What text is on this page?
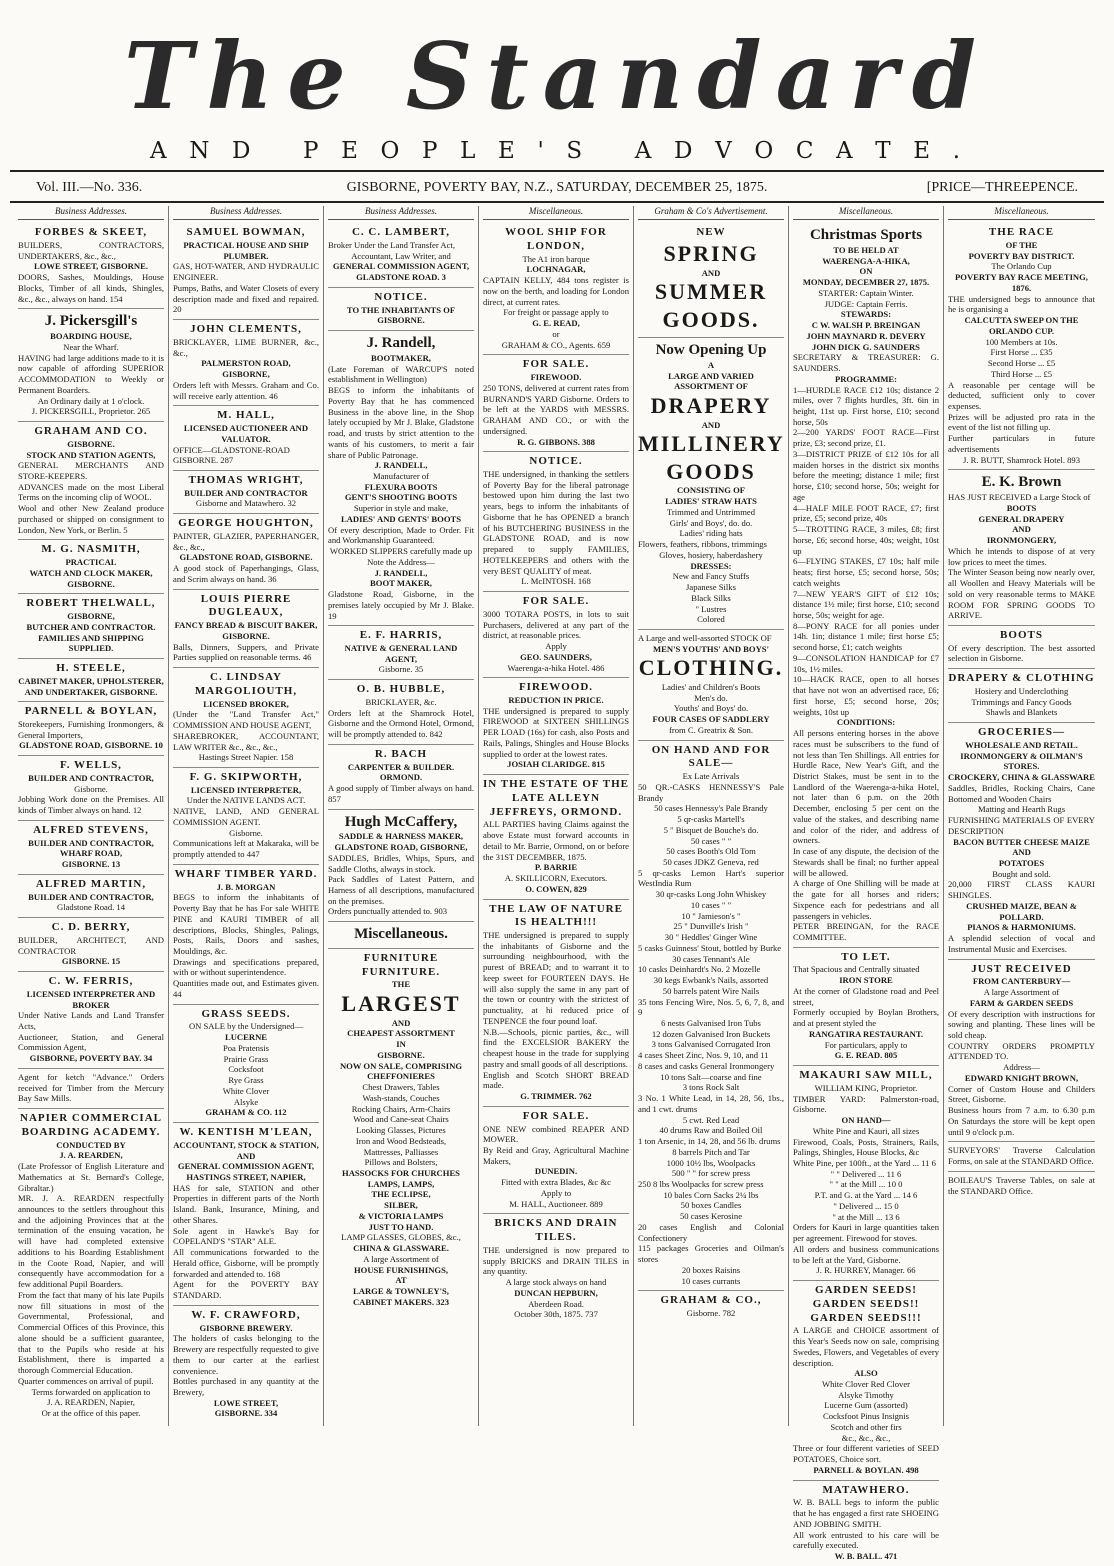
The Standard
A N D
P E O P L E ' S
A D V O C A T E .
Vol. III.—No. 336.	GISBORNE, POVERTY BAY, N.Z., SATURDAY, DECEMBER 25, 1875.	[PRICE—THREEPENCE.
Business Addresses.
FORBES & SKEET,
BUILDERS, CONTRACTORS, UNDERTAKERS, &c., &c.,
LOWE STREET, GISBORNE.
DOORS, Sashes, Mouldings, House Blocks, Timber of all kinds, Shingles, &c., &c., always on hand. 154
J. Pickersgill's
BOARDING HOUSE,
Near the Wharf.
HAVING had large additions made to it is now capable of affording SUPERIOR ACCOMMODATION to Weekly or Permanent Boarders.
An Ordinary daily at 1 o'clock.
J. PICKERSGILL, Proprietor. 265
GRAHAM AND CO.
GISBORNE.
STOCK AND STATION AGENTS,
GENERAL MERCHANTS AND STORE-KEEPERS.
ADVANCES made on the most Liberal Terms on the incoming clip of WOOL.
Wool and other New Zealand produce purchased or shipped on consignment to London, New York, or Berlin. 5
M. G. NASMITH,
PRACTICAL
WATCH AND CLOCK MAKER,
GISBORNE.
ROBERT THELWALL,
GISBORNE,
BUTCHER AND CONTRACTOR.
FAMILIES AND SHIPPING SUPPLIED.
H. STEELE,
CABINET MAKER, UPHOLSTERER,
AND UNDERTAKER, GISBORNE.
PARNELL & BOYLAN,
Storekeepers, Furnishing Ironmongers, & General Importers,
GLADSTONE ROAD, GISBORNE. 10
F. WELLS,
BUILDER AND CONTRACTOR,
Gisborne.
Jobbing Work done on the Premises. All kinds of Timber always on hand. 12
ALFRED STEVENS,
BUILDER AND CONTRACTOR,
WHARF ROAD,
GISBORNE. 13
ALFRED MARTIN,
BUILDER AND CONTRACTOR,
Gladstone Road. 14
C. D. BERRY,
BUILDER, ARCHITECT, AND CONTRACTOR
GISBORNE. 15
C. W. FERRIS,
LICENSED INTERPRETER AND BROKER
Under Native Lands and Land Transfer Acts,
Auctioneer, Station, and General Commission Agent,
GISBORNE, POVERTY BAY. 34
Agent for ketch "Advance." Orders received for Timber from the Mercury Bay Saw Mills.
NAPIER COMMERCIAL BOARDING ACADEMY.
CONDUCTED BY
J. A. REARDEN,
(Late Professor of English Literature and Mathematics at St. Bernard's College, Gibraltar.)
MR. J. A. REARDEN respectfully announces to the settlers throughout this and the adjoining Provinces that at the termination of the ensuing vacation, he will have had completed extensive additions to his Boarding Establishment in the Coote Road, Napier, and will consequently have accommodation for a few additional Pupil Boarders.
From the fact that many of his late Pupils now fill situations in most of the Governmental, Professional, and Commercial Offices of this Province, this alone should be a sufficient guarantee, that to the Pupils who reside at his Establishment, there is imparted a thorough Commercial Education.
Quarter commences on arrival of pupil.
Terms forwarded on application to
J. A. REARDEN, Napier,
Or at the office of this paper.
Business Addresses.
SAMUEL BOWMAN,
PRACTICAL HOUSE AND SHIP PLUMBER.
GAS, HOT-WATER, AND HYDRAULIC ENGINEER.
Pumps, Baths, and Water Closets of every description made and fixed and repaired. 20
JOHN CLEMENTS,
BRICKLAYER, LIME BURNER, &c., &c.,
PALMERSTON ROAD,
GISBORNE,
Orders left with Messrs. Graham and Co. will receive early attention. 46
M. HALL,
LICENSED AUCTIONEER AND VALUATOR.
OFFICE—GLADSTONE-ROAD GISBORNE. 287
THOMAS WRIGHT,
BUILDER AND CONTRACTOR
Gisborne and Matawhero. 32
GEORGE HOUGHTON,
PAINTER, GLAZIER, PAPERHANGER, &c., &c.,
GLADSTONE ROAD, GISBORNE.
A good stock of Paperhangings, Glass, and Scrim always on hand. 36
LOUIS PIERRE DUGLEAUX,
FANCY BREAD & BISCUIT BAKER,
GISBORNE.
Balls, Dinners, Suppers, and Private Parties supplied on reasonable terms. 46
C. LINDSAY MARGOLIOUTH,
LICENSED BROKER,
(Under the "Land Transfer Act," COMMISSION AND HOUSE AGENT,
SHAREBROKER, ACCOUNTANT, LAW WRITER &c., &c., &c.,
Hastings Street Napier. 158
F. G. SKIPWORTH,
LICENSED INTERPRETER,
Under the NATIVE LANDS ACT.
NATIVE, LAND, AND GENERAL COMMISSION AGENT.
Gisborne.
Communications left at Makaraka, will be promptly attended to 447
WHARF TIMBER YARD.
J. B. MORGAN
BEGS to inform the inhabitants of Poverty Bay that he has For sale WHITE PINE and KAURI TIMBER of all descriptions, Blocks, Shingles, Palings, Posts, Rails, Doors and sashes, Mouldings, &c.
Drawings and specifications prepared, with or without superintendence.
Quantities made out, and Estimates given. 44
GRASS SEEDS.
ON SALE by the Undersigned—
LUCERNE
Poa Pratensis
Prairie Grass
Cocksfoot
Rye Grass
White Clover
Alsyke
GRAHAM & CO. 112
W. KENTISH M'LEAN,
ACCOUNTANT, STOCK & STATION,
AND
GENERAL COMMISSION AGENT,
HASTINGS STREET, NAPIER,
HAS for sale, STATION and other Properties in different parts of the North Island. Bank, Insurance, Mining, and other Shares.
Sole agent in Hawke's Bay for COPELAND'S "STAR" ALE.
All communications forwarded to the Herald office, Gisborne, will be promptly forwarded and attended to. 168
Agent for the POVERTY BAY STANDARD.
W. F. CRAWFORD,
GISBORNE BREWERY.
The holders of casks belonging to the Brewery are respectfully requested to give them to our carter at the earliest convenience.
Bottles purchased in any quantity at the Brewery,
LOWE STREET,
GISBORNE. 334
Business Addresses.
C. C. LAMBERT,
Broker Under the Land Transfer Act,
Accountant, Law Writer, and
GENERAL COMMISSION AGENT,
GLADSTONE ROAD. 3
NOTICE.
TO THE INHABITANTS OF GISBORNE.
J. Randell,
BOOTMAKER,
(Late Foreman of WARCUP'S noted establishment in Wellington)
BEGS to inform the inhabitants of Poverty Bay that he has commenced Business in the above line, in the Shop lately occupied by Mr J. Blake, Gladstone road, and trusts by strict attention to the wants of his customers, to merit a fair share of Public Patronage.
J. RANDELL,
Manufacturer of
FLEXURA BOOTS
GENT'S SHOOTING BOOTS
Superior in style and make,
LADIES' AND GENTS' BOOTS
Of every description, Made to Order. Fit and Workmanship Guaranteed.
WORKED SLIPPERS carefully made up
Note the Address—
J. RANDELL,
BOOT MAKER,
Gladstone Road, Gisborne, in the premises lately occupied by Mr J. Blake. 19
E. F. HARRIS,
NATIVE & GENERAL LAND AGENT,
Gisborne. 35
O. B. HUBBLE,
BRICKLAYER, &c.
Orders left at the Shamrock Hotel, Gisborne and the Ormond Hotel, Ormond, will be promptly attended to. 842
R. BACH
CARPENTER & BUILDER.
ORMOND.
A good supply of Timber always on hand. 857
Hugh McCaffery,
SADDLE & HARNESS MAKER,
GLADSTONE ROAD, GISBORNE,
SADDLES, Bridles, Whips, Spurs, and Saddle Cloths, always in stock.
Pack Saddles of Latest Pattern, and Harness of all descriptions, manufactured on the premises.
Orders punctually attended to. 903
Miscellaneous.
FURNITURE FURNITURE.
THE
LARGEST
AND
CHEAPEST ASSORTMENT
IN
GISBORNE.
NOW ON SALE, COMPRISING
CHEFFONIERES
Chest Drawers, Tables
Wash-stands, Couches
Rocking Chairs, Arm-Chairs
Wood and Cane-seat Chairs
Looking Glasses, Pictures
Iron and Wood Bedsteads,
Mattresses, Palliasses
Pillows and Bolsters,
HASSOCKS FOR CHURCHES
LAMPS, LAMPS,
THE ECLIPSE,
SILBER,
& VICTORIA LAMPS
JUST TO HAND.
LAMP GLASSES, GLOBES, &c.,
CHINA & GLASSWARE.
A large Assortment of
HOUSE FURNISHINGS,
AT
LARGE & TOWNLEY'S,
CABINET MAKERS. 323
Miscellaneous.
WOOL SHIP FOR LONDON,
The A1 iron barque
LOCHNAGAR,
CAPTAIN KELLY, 484 tons register is now on the berth, and loading for London direct, at current rates.
For freight or passage apply to
G. E. READ,
or
GRAHAM & CO., Agents. 659
FOR SALE.
FIREWOOD.
250 TONS, delivered at current rates from BURNAND'S YARD Gisborne. Orders to be left at the YARDS with MESSRS. GRAHAM AND CO., or with the undersigned.
R. G. GIBBONS. 388
NOTICE.
THE undersigned, in thanking the settlers of Poverty Bay for the liberal patronage bestowed upon him during the last two years, begs to inform the inhabitants of Gisborne that he has OPENED a branch of his BUTCHERING BUSINESS in the GLADSTONE ROAD, and is now prepared to supply FAMILIES, HOTELKEEPERS and others with the very BEST QUALITY of meat.
L. McINTOSH. 168
FOR SALE.
3000 TOTARA POSTS, in lots to suit Purchasers, delivered at any part of the district, at reasonable prices.
Apply
GEO. SAUNDERS,
Waerenga-a-hika Hotel. 486
FIREWOOD.
REDUCTION IN PRICE.
THE undersigned is prepared to supply FIREWOOD at SIXTEEN SHILLINGS PER LOAD (16s) for cash, also Posts and Rails, Palings, Shingles and House Blocks supplied to order at the lowest rates.
JOSIAH CLARIDGE. 815
IN THE ESTATE OF THE LATE ALLEYN JEFFREYS, ORMOND.
ALL PARTIES having Claims against the above Estate must forward accounts in detail to Mr. Barrie, Ormond, on or before the 31ST DECEMBER, 1875.
P. BARRIE
A. SKILLICORN, Executors.
O. COWEN, 829
THE LAW OF NATURE IS HEALTH!!!
THE undersigned is prepared to supply the inhabitants of Gisborne and the surrounding neighbourhood, with the purest of BREAD; and to warrant it to keep sweet for FOURTEEN DAYS. He will also supply the same in any part of the town or country with the strictest of punctuality, at hi reduced price of TENPENCE the four pound loaf.
N.B.—Schools, picnic parties, &c., will find the EXCELSIOR BAKERY the cheapest house in the trade for supplying pastry and small goods of all descriptions.
English and Scotch SHORT BREAD made.
G. TRIMMER. 762
FOR SALE.
ONE NEW combined REAPER AND MOWER.
By Reid and Gray, Agricultural Machine Makers,
DUNEDIN.
Fitted with extra Blades, &c &c
Apply to
M. HALL, Auctioneer. 889
BRICKS AND DRAIN TILES.
THE undersigned is now prepared to supply BRICKS and DRAIN TILES in any quantity.
A large stock always on hand
DUNCAN HEPBURN,
Aberdeen Road.
October 30th, 1875. 737
Graham & Co's Advertisement.
NEW
SPRING
AND
SUMMER
GOODS.
Now Opening Up
A
LARGE AND VARIED
ASSORTMENT OF
DRAPERY
AND
MILLINERY
GOODS
CONSISTING OF
LADIES' STRAW HATS
Trimmed and Untrimmed
Girls' and Boys', do. do.
Ladies' riding hats
Flowers, feathers, ribbons, trimmings
Gloves, hosiery, haberdashery
DRESSES:
New and Fancy Stuffs
Japanese Silks
Black Silks
" Lustres
Colored
A Large and well-assorted STOCK OF
MEN'S YOUTHS' AND BOYS'
CLOTHING.
Ladies' and Children's Boots
Men's do.
Youths' and Boys' do.
FOUR CASES OF SADDLERY
from C. Greatrix & Son.
ON HAND AND FOR SALE—
Ex Late Arrivals
50 QR.-CASKS HENNESSY'S Pale Brandy
50 cases Hennessy's Pale Brandy
5 qr-casks Martell's
5 " Bisquet de Bouche's do.
50 cases " "
50 cases Booth's Old Tom
50 cases JDKZ Geneva, red
5 qr-casks Lemon Hart's superior WestIndia Rum
30 qr-casks Long John Whiskey
10 cases " "
10 " Jamieson's "
25 " Dunville's Irish "
30 " Heddles' Ginger Wine
5 casks Guinness' Stout, bottled by Burke
30 cases Tennant's Ale
10 casks Deinhardt's No. 2 Mozelle
30 kegs Ewbank's Nails, assorted
50 barrels patent Wire Nails
35 tons Fencing Wire, Nos. 5, 6, 7, 8, and 9
6 nests Galvanised Iron Tubs
12 dozen Galvanised Iron Buckets
3 tons Galvanised Corrugated Iron
4 cases Sheet Zinc, Nos. 9, 10, and 11
8 cases and casks General Ironmongery
10 tons Salt—coarse and fine
3 tons Rock Salt
3 No. 1 White Lead, in 14, 28, 56, 1bs., and 1 cwt. drums
5 cwt. Red Lead
40 drums Raw and Boiled Oil
1 ton Arsenic, in 14, 28, and 56 lb. drums
8 barrels Pitch and Tar
1000 10½ lbs, Woolpacks
500 " " for screw press
250 8 lbs Woolpacks for screw press
10 bales Corn Sacks 2¼ lbs
50 boxes Candles
50 cases Kerosine
20 cases English and Colonial Confectionery
115 packages Groceries and Oilman's stores
20 boxes Raisins
10 cases currants
GRAHAM & CO.,
Gisborne. 782
Miscellaneous.
Christmas Sports
TO BE HELD AT
WAERENGA-A-HIKA,
ON
MONDAY, DECEMBER 27, 1875.
STARTER: Captain Winter.
JUDGE: Captain Ferris.
STEWARDS:
C W. WALSH P. BREINGAN
JOHN MAYNARD R. DEVERY
JOHN DICK G. SAUNDERS
SECRETARY & TREASURER: G. SAUNDERS.
PROGRAMME:
1—HURDLE RACE £12 10s; distance 2 miles, over 7 flights hurdles, 3ft. 6in in height, 11st up. First horse, £10; second horse, 50s
2—200 YARDS' FOOT RACE—First prize, £3; second prize, £1.
3—DISTRICT PRIZE of £12 10s for all maiden horses in the district six months before the meeting; distance 1 mile; first horse, £10; second horse, 50s; weight for age
4—HALF MILE FOOT RACE, £7; first prize, £5; second prize, 40s
5—TROTTING RACE, 3 miles, £8; first horse, £6; second horse, 40s; weight, 10st up
6—FLYING STAKES, £7 10s; half mile heats; first horse, £5; second horse, 50s; catch weights
7—NEW YEAR'S GIFT of £12 10s; distance 1½ mile; first horse, £10; second horse, 50s; weight for age.
8—PONY RACE for all ponies under 14h. 1in; distance 1 mile; first horse £5; second horse, £1; catch weights
9—CONSOLATION HANDICAP for £7 10s, 1½ miles.
10—HACK RACE, open to all horses that have not won an advertised race, £6; first horse, £5; second horse, 20s; weights, 10st up
CONDITIONS:
All persons entering horses in the above races must be subscribers to the fund of not less than Ten Shillings. All entries for Hurdle Race, New Year's Gift, and the District Stakes, must be sent in to the Landlord of the Waerenga-a-hika Hotel, not later than 6 p.m. on the 20th December, enclosing 5 per cent on the value of the stakes, and describing name and color of the rider, and address of owners.
In case of any dispute, the decision of the Stewards shall be final; no further appeal will be allowed.
A charge of One Shilling will be made at the gate for all horses and riders; Sixpence each for pedestrians and all passengers in vehicles.
PETER BREINGAN, for the RACE COMMITTEE.
TO LET.
That Spacious and Centrally situated
IRON STORE
At the corner of Gladstone road and Peel street,
Formerly occupied by Boylan Brothers, and at present styled the
RANGATIRA RESTAURANT.
For particulars, apply to
G. E. READ. 805
MAKAURI SAW MILL,
WILLIAM KING, Proprietor.
TIMBER YARD: Palmerston-road, Gisborne.
ON HAND—
White Pine and Kauri, all sizes
Firewood, Coals, Posts, Strainers, Rails, Palings, Shingles, House Blocks, &c
White Pine, per 100ft., at the Yard ... 11 6
" " Delivered ... 11 6
" " at the Mill ... 10 0
P.T. and G. at the Yard ... 14 6
" Delivered ... 15 0
" at the Mill ... 13 6
Orders for Kauri in large quantities taken per agreement. Firewood for stoves.
All orders and business communications to be left at the Yard, Gisborne.
J. R. HURREY, Manager. 66
GARDEN SEEDS! GARDEN SEEDS!! GARDEN SEEDS!!!
A LARGE and CHOICE assortment of this Year's Seeds now on sale, comprising Swedes, Flowers, and Vegetables of every description.
ALSO
White Clover Red Clover
Alsyke Timothy
Lucerne Gum (assorted)
Cocksfoot Pinus Insignis
Scotch and other firs
&c., &c., &c.,
Three or four different varieties of SEED POTATOES, Choice sort.
PARNELL & BOYLAN. 498
MATAWHERO.
W. B. BALL begs to inform the public that he has engaged a first rate SHOEING AND JOBBING SMITH.
All work entrusted to his care will be carefully executed.
W. B. BALL. 471
Miscellaneous.
THE RACE
OF THE
POVERTY BAY DISTRICT.
The Orlando Cup
POVERTY BAY RACE MEETING, 1876.
THE undersigned begs to announce that he is organising a
CALCUTTA SWEEP ON THE
ORLANDO CUP.
100 Members at 10s.
First Horse ... £35
Second Horse ... £5
Third Horse ... £5
A reasonable per centage will be deducted, sufficient only to cover expenses.
Prizes will be adjusted pro rata in the event of the list not filling up.
Further particulars in future advertisements
J. R. BUTT, Shamrock Hotel. 893
E. K. Brown
HAS JUST RECEIVED a Large Stock of
BOOTS
GENERAL DRAPERY
AND
IRONMONGERY,
Which he intends to dispose of at very low prices to meet the times.
The Winter Season being now nearly over, all Woollen and Heavy Materials will be sold on very reasonable terms to MAKE ROOM FOR SPRING GOODS TO ARRIVE.
BOOTS
Of every description. The best assorted selection in Gisborne.
DRAPERY & CLOTHING
Hosiery and Underclothing
Trimmings and Fancy Goods
Shawls and Blankets
GROCERIES—
WHOLESALE AND RETAIL.
IRONMONGERY & OILMAN'S STORES.
CROCKERY, CHINA & GLASSWARE
Saddles, Bridles, Rocking Chairs, Cane Bottomed and Wooden Chairs
Matting and Hearth Rugs
FURNISHING MATERIALS OF EVERY DESCRIPTION
BACON BUTTER CHEESE MAIZE
AND
POTATOES
Bought and sold.
20,000 FIRST CLASS KAURI SHINGLES.
CRUSHED MAIZE, BEAN & POLLARD.
PIANOS & HARMONIUMS.
A splendid selection of vocal and Instrumental Music and Exercises.
JUST RECEIVED
FROM CANTERBURY—
A large Assortment of
FARM & GARDEN SEEDS
Of every description with instructions for sowing and planting. These lines will be sold cheap.
COUNTRY ORDERS PROMPTLY ATTENDED TO.
Address—
EDWARD KNIGHT BROWN,
Corner of Custom House and Childers Street, Gisborne.
Business hours from 7 a.m. to 6.30 p.m On Saturdays the store will be kept open until 9 o'clock p.m.
SURVEYORS' Traverse Calculation Forms, on sale at the STANDARD Office.
BOILEAU'S Traverse Tables, on sale at the STANDARD Office.
